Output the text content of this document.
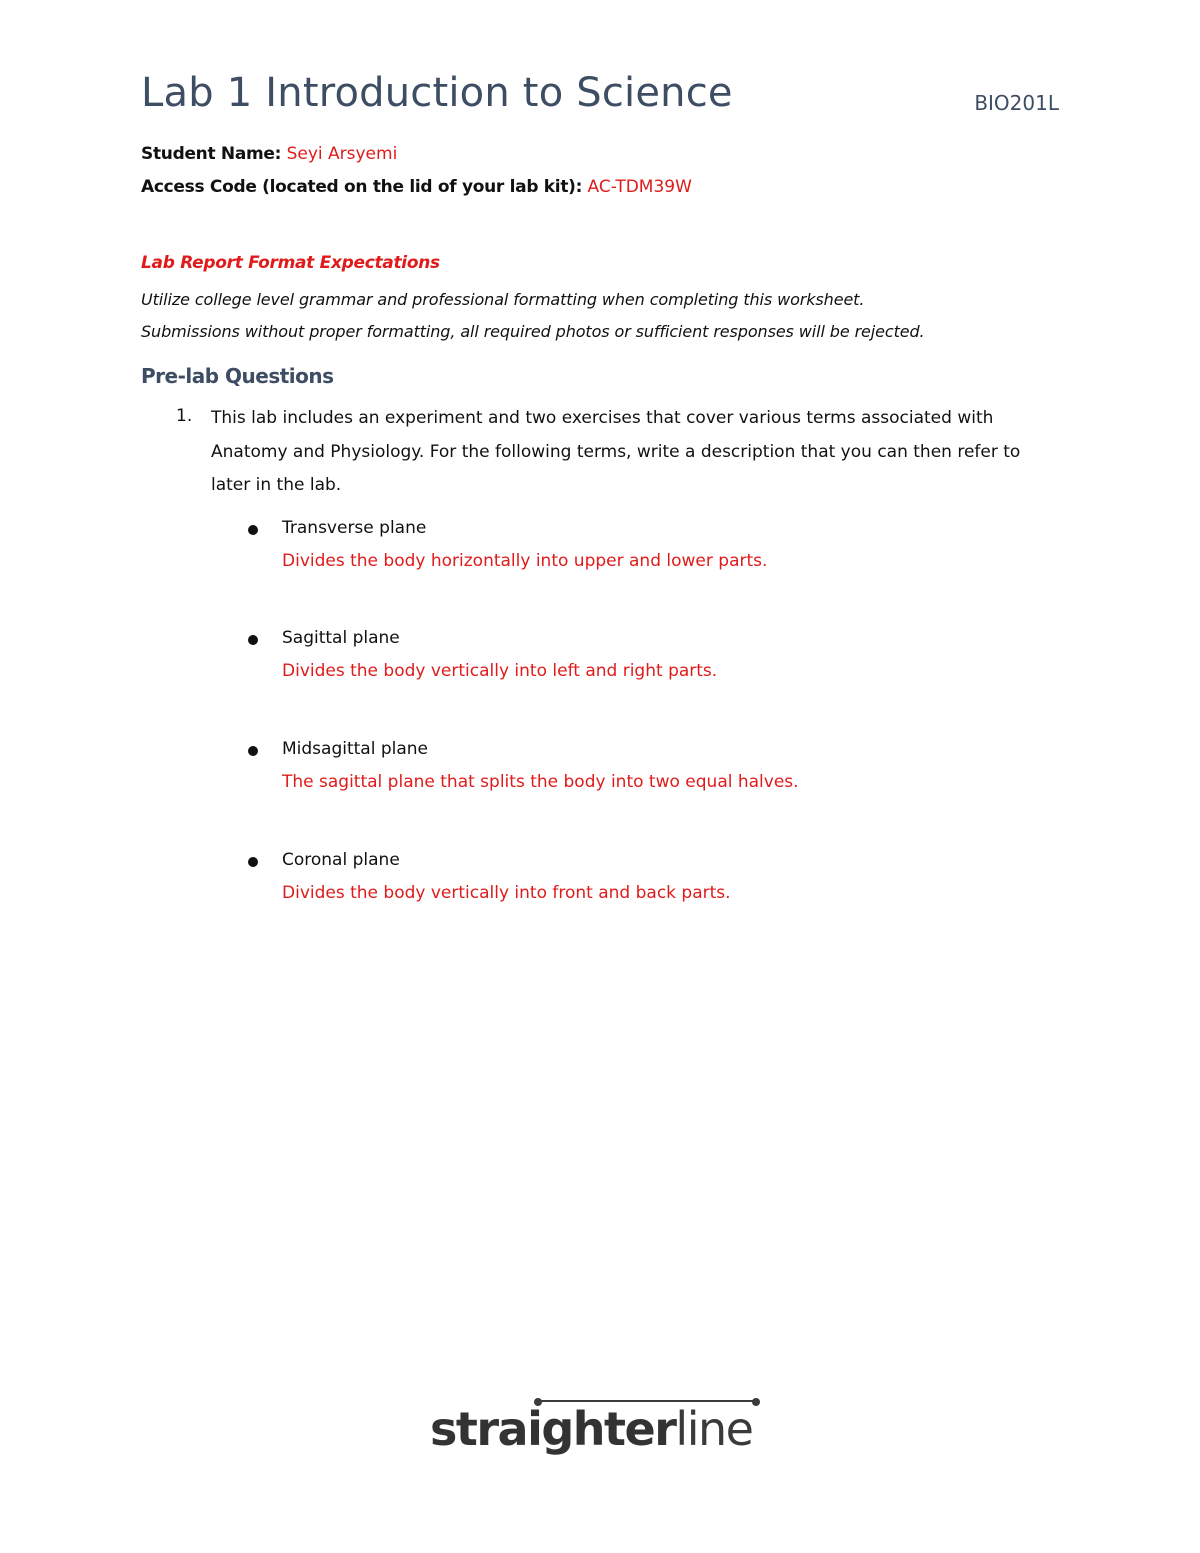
Lab 1 Introduction to Science	BIO201L
Student Name: Seyi Arsyemi
Access Code (located on the lid of your lab kit): AC-TDM39W
Lab Report Format Expectations
Utilize college level grammar and professional formatting when completing this worksheet.
Submissions without proper formatting, all required photos or sufficient responses will be rejected.
Pre-lab Questions
1. This lab includes an experiment and two exercises that cover various terms associated with Anatomy and Physiology. For the following terms, write a description that you can then refer to later in the lab.
Transverse plane
Divides the body horizontally into upper and lower parts.
Sagittal plane
Divides the body vertically into left and right parts.
Midsagittal plane
The sagittal plane that splits the body into two equal halves.
Coronal plane
Divides the body vertically into front and back parts.
straighterline
